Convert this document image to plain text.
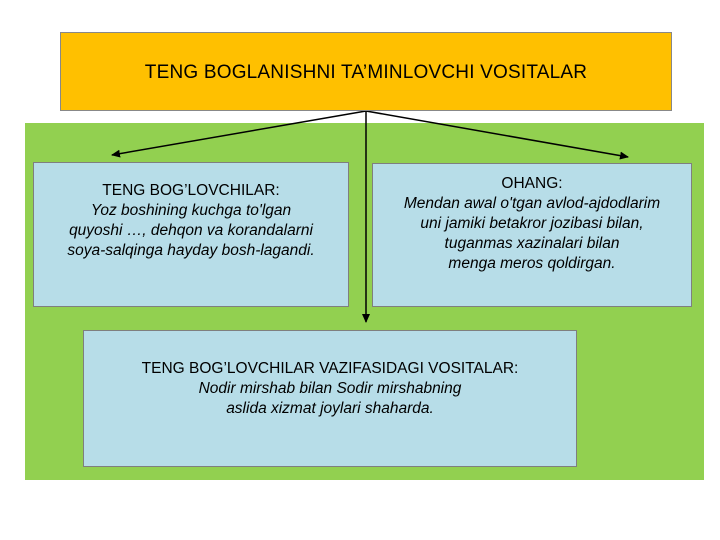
TENG BOGLANISHNI TA’MINLOVCHI VOSITALAR
TENG BOG’LOVCHILAR:
Yoz boshining kuchga to'lgan
quyoshi …, dehqon va korandalarni
soya-salqinga hayday bosh-lagandi.
OHANG:
Mendan awal o'tgan avlod-ajdodlarim
uni jamiki betakror jozibasi bilan,
tuganmas xazinalari bilan
menga meros qoldirgan.
TENG BOG’LOVCHILAR VAZIFASIDAGI VOSITALAR:
Nodir mirshab bilan Sodir mirshabning
aslida xizmat joylari shaharda.
